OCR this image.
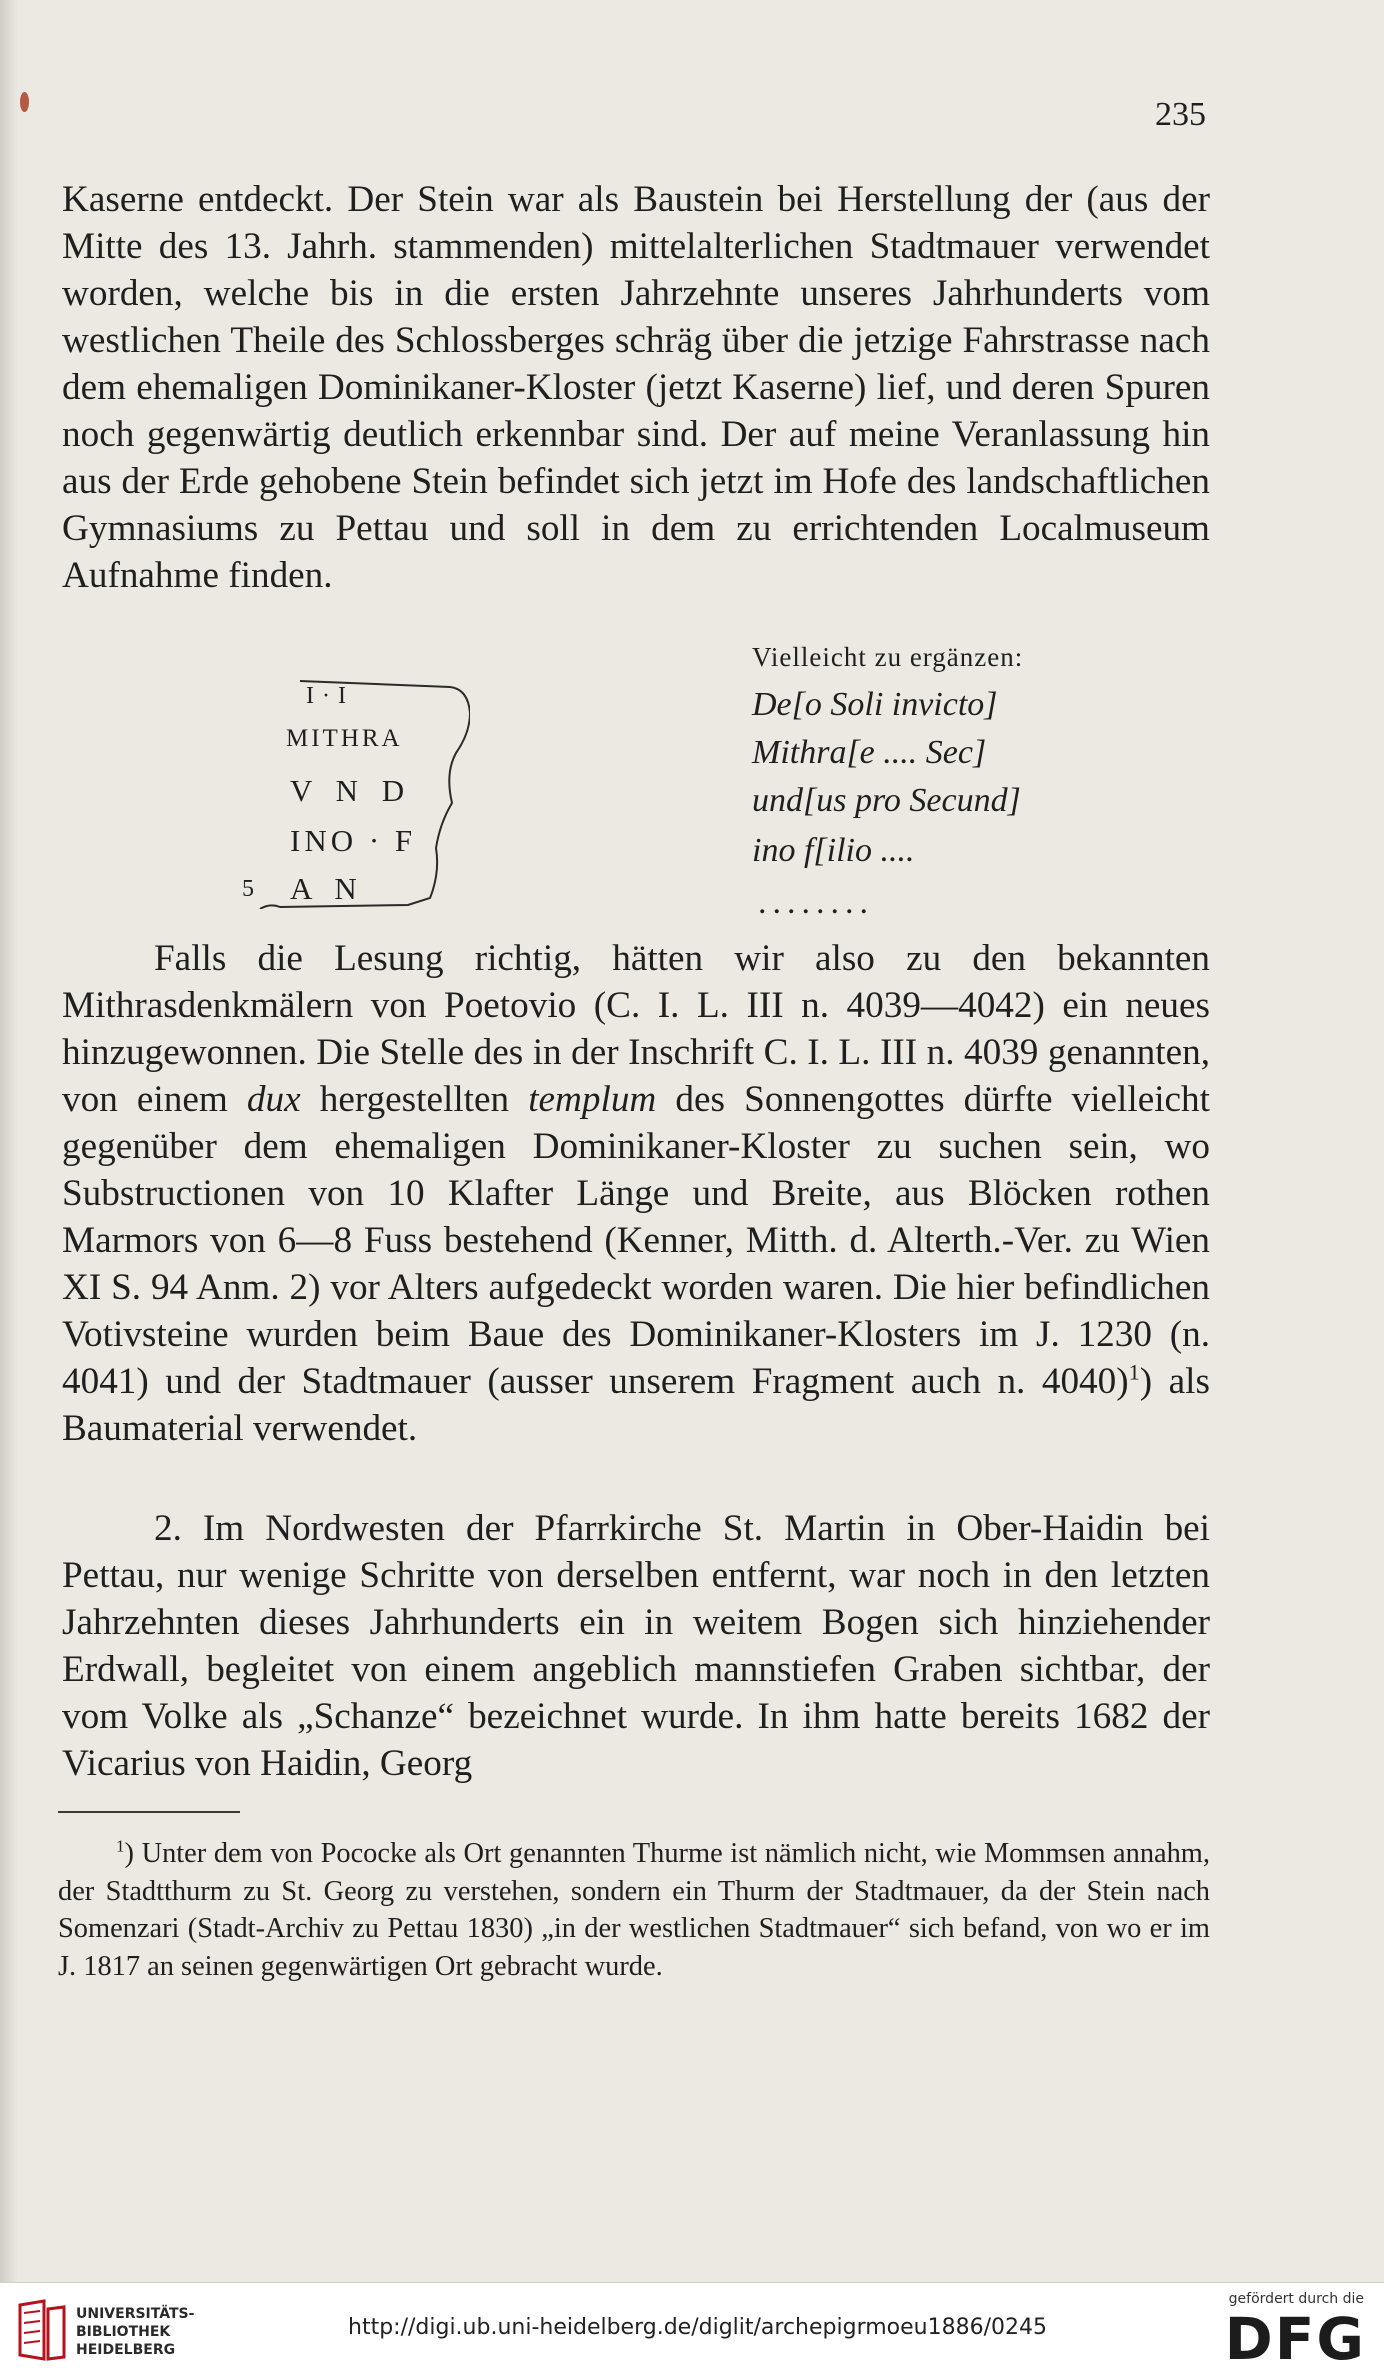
235

Kaserne entdeckt. Der Stein war als Baustein bei Herstellung der (aus der Mitte des 13. Jahrh. stammenden) mittelalterlichen Stadtmauer verwendet worden, welche bis in die ersten Jahrzehnte unseres Jahrhunderts vom westlichen Theile des Schlossberges schräg über die jetzige Fahrstrasse nach dem ehemaligen Dominikaner-Kloster (jetzt Kaserne) lief, und deren Spuren noch gegenwärtig deutlich erkennbar sind. Der auf meine Veranlassung hin aus der Erde gehobene Stein befindet sich jetzt im Hofe des landschaftlichen Gymnasiums zu Pettau und soll in dem zu errichtenden Localmuseum Aufnahme finden.

I·I
MITHRA
V N D
INO · F
5 A N
Vielleicht zu ergänzen:
De[o Soli invicto]
Mithra[e .... Sec]
und[us pro Secund]
ino f[ilio ....
........

Falls die Lesung richtig, hätten wir also zu den bekannten Mithrasdenkmälern von Poetovio (C. I. L. III n. 4039—4042) ein neues hinzugewonnen. Die Stelle des in der Inschrift C. I. L. III n. 4039 genannten, von einem dux hergestellten templum des Sonnengottes dürfte vielleicht gegenüber dem ehemaligen Dominikaner-Kloster zu suchen sein, wo Substructionen von 10 Klafter Länge und Breite, aus Blöcken rothen Marmors von 6—8 Fuss bestehend (Kenner, Mitth. d. Alterth.-Ver. zu Wien XI S. 94 Anm. 2) vor Alters aufgedeckt worden waren. Die hier befindlichen Votivsteine wurden beim Baue des Dominikaner-Klosters im J. 1230 (n. 4041) und der Stadtmauer (ausser unserem Fragment auch n. 4040)$^1$) als Baumaterial verwendet.

2. Im Nordwesten der Pfarrkirche St. Martin in Ober-Haidin bei Pettau, nur wenige Schritte von derselben entfernt, war noch in den letzten Jahrzehnten dieses Jahrhunderts ein in weitem Bogen sich hinziehender Erdwall, begleitet von einem angeblich mannstiefen Graben sichtbar, der vom Volke als „Schanze“ bezeichnet wurde. In ihm hatte bereits 1682 der Vicarius von Haidin, Georg

$^1$) Unter dem von Pococke als Ort genannten Thurme ist nämlich nicht, wie Mommsen annahm, der Stadtthurm zu St. Georg zu verstehen, sondern ein Thurm der Stadtmauer, da der Stein nach Somenzari (Stadt-Archiv zu Pettau 1830) „in der westlichen Stadtmauer“ sich befand, von wo er im J. 1817 an seinen gegenwärtigen Ort gebracht wurde.

UNIVERSITÄTS-
BIBLIOTHEK
HEIDELBERG

http://digi.ub.uni-heidelberg.de/diglit/archepigrmoeu1886/0245
gefördert durch die
DFG
